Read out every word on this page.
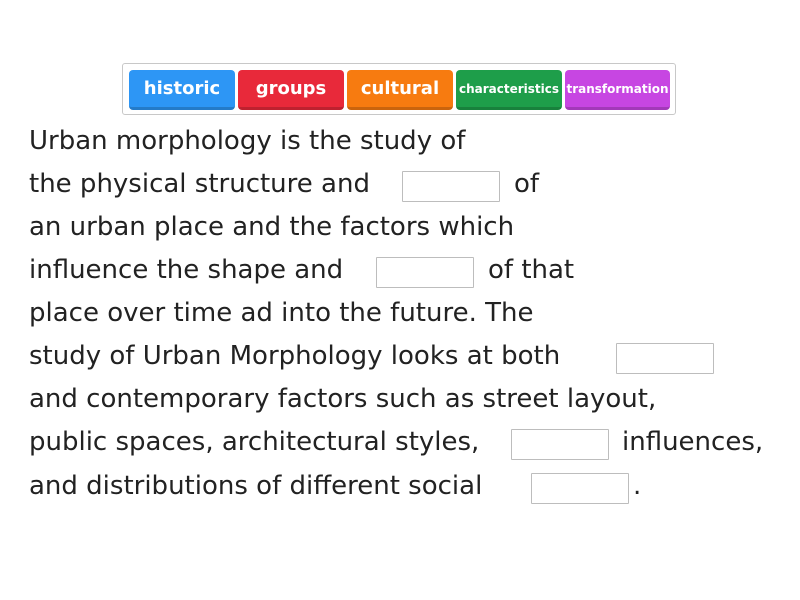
historic	groups	cultural	characteristics transformation
Urban morphology is the study of
the physical structure and	of
an urban place and the factors which
influence the shape and	of that
place over time ad into the future. The
study of Urban Morphology looks at both
and contemporary factors such as street layout,
public spaces, architectural styles,	influences,
and distributions of different social	.
